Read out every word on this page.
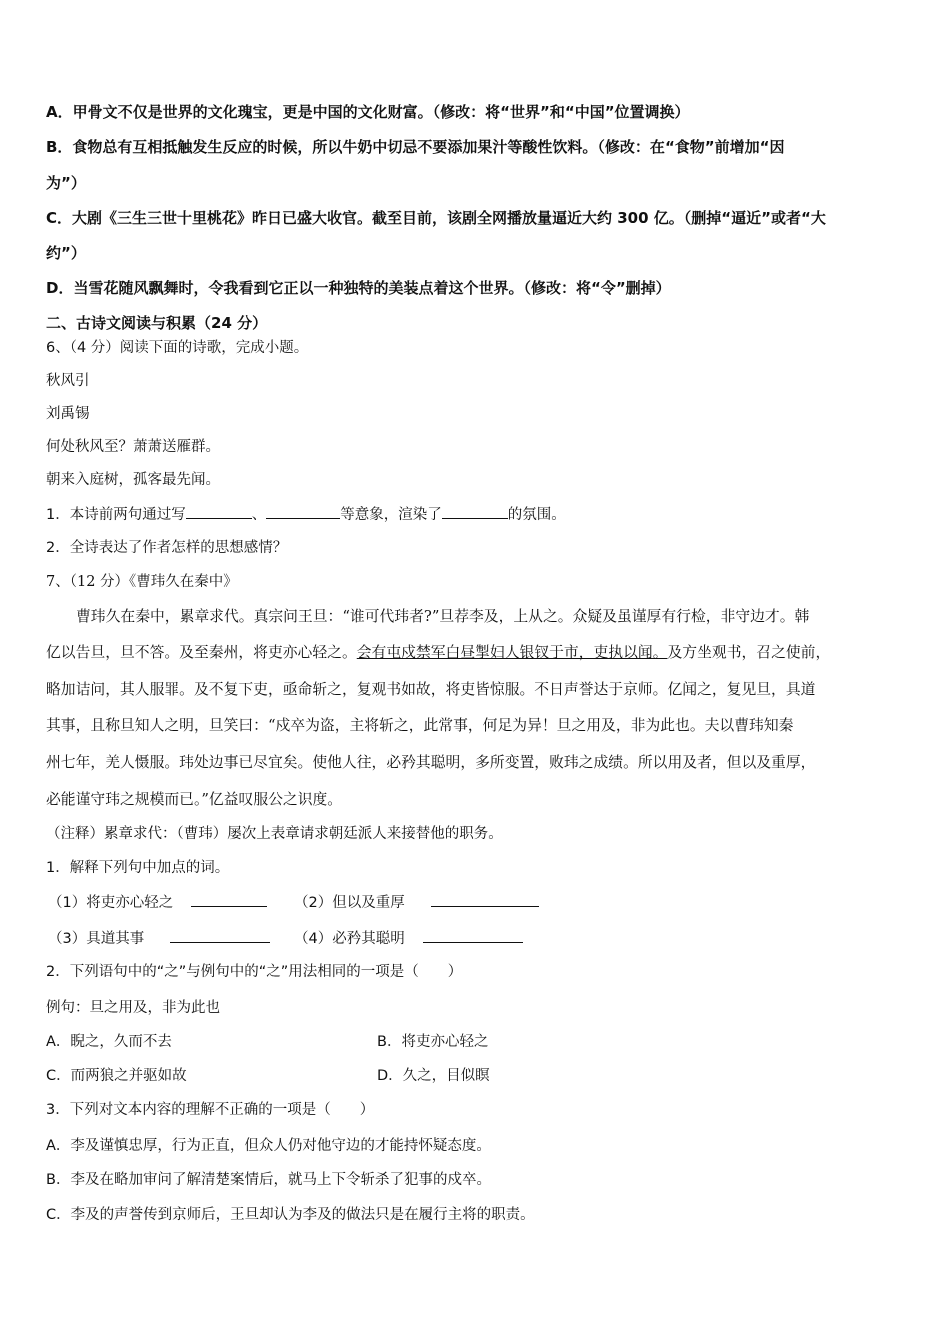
A．甲骨文不仅是世界的文化瑰宝，更是中国的文化财富。（修改：将“世界”和“中国”位置调换）
B．食物总有互相抵触发生反应的时候，所以牛奶中切忌不要添加果汁等酸性饮料。（修改：在“食物”前增加“因
为”）
C．大剧《三生三世十里桃花》昨日已盛大收官。截至目前，该剧全网播放量逼近大约 300 亿。（删掉“逼近”或者“大
约”）
D．当雪花随风飘舞时，令我看到它正以一种独特的美装点着这个世界。（修改：将“令”删掉）
二、古诗文阅读与积累（24 分）
6、（4 分）阅读下面的诗歌，完成小题。
秋风引
刘禹锡
何处秋风至？萧萧送雁群。
朝来入庭树，孤客最先闻。
1．本诗前两句通过写	、	等意象，渲染了	的氛围。
2．全诗表达了作者怎样的思想感情？
7、（12 分）《曹玮久在秦中》
曹玮久在秦中，累章求代。真宗问王旦：“谁可代玮者?”旦荐李及，上从之。众疑及虽谨厚有行检，非守边才。韩
亿以告旦，旦不答。及至秦州，将吏亦心轻之。会有屯戍禁军白昼掣妇人银钗于市，吏执以闻。及方坐观书，召之使前，
略加诘问，其人服罪。及不复下吏，亟命斩之，复观书如故，将吏皆惊服。不日声誉达于京师。亿闻之，复见旦，具道
其事，且称旦知人之明，旦笑曰：“戍卒为盗，主将斩之，此常事，何足为异！旦之用及，非为此也。夫以曹玮知秦
州七年，羌人慑服。玮处边事已尽宜矣。使他人往，必矜其聪明，多所变置，败玮之成绩。所以用及者，但以及重厚，
必能谨守玮之规模而已。”亿益叹服公之识度。
（注释）累章求代：（曹玮）屡次上表章请求朝廷派人来接替他的职务。
1．解释下列句中加点的词。
（1）将吏亦心轻之	（2）但以及重厚
（3）具道其事	（4）必矜其聪明
2．下列语句中的“之”与例句中的“之”用法相同的一项是（　　）
例句：旦之用及，非为此也
A．睨之，久而不去	B．将吏亦心轻之
C．而两狼之并驱如故	D．久之，目似瞑
3．下列对文本内容的理解不正确的一项是（　　）
A．李及谨慎忠厚，行为正直，但众人仍对他守边的才能持怀疑态度。
B．李及在略加审问了解清楚案情后，就马上下令斩杀了犯事的戍卒。
C．李及的声誉传到京师后，王旦却认为李及的做法只是在履行主将的职责。
